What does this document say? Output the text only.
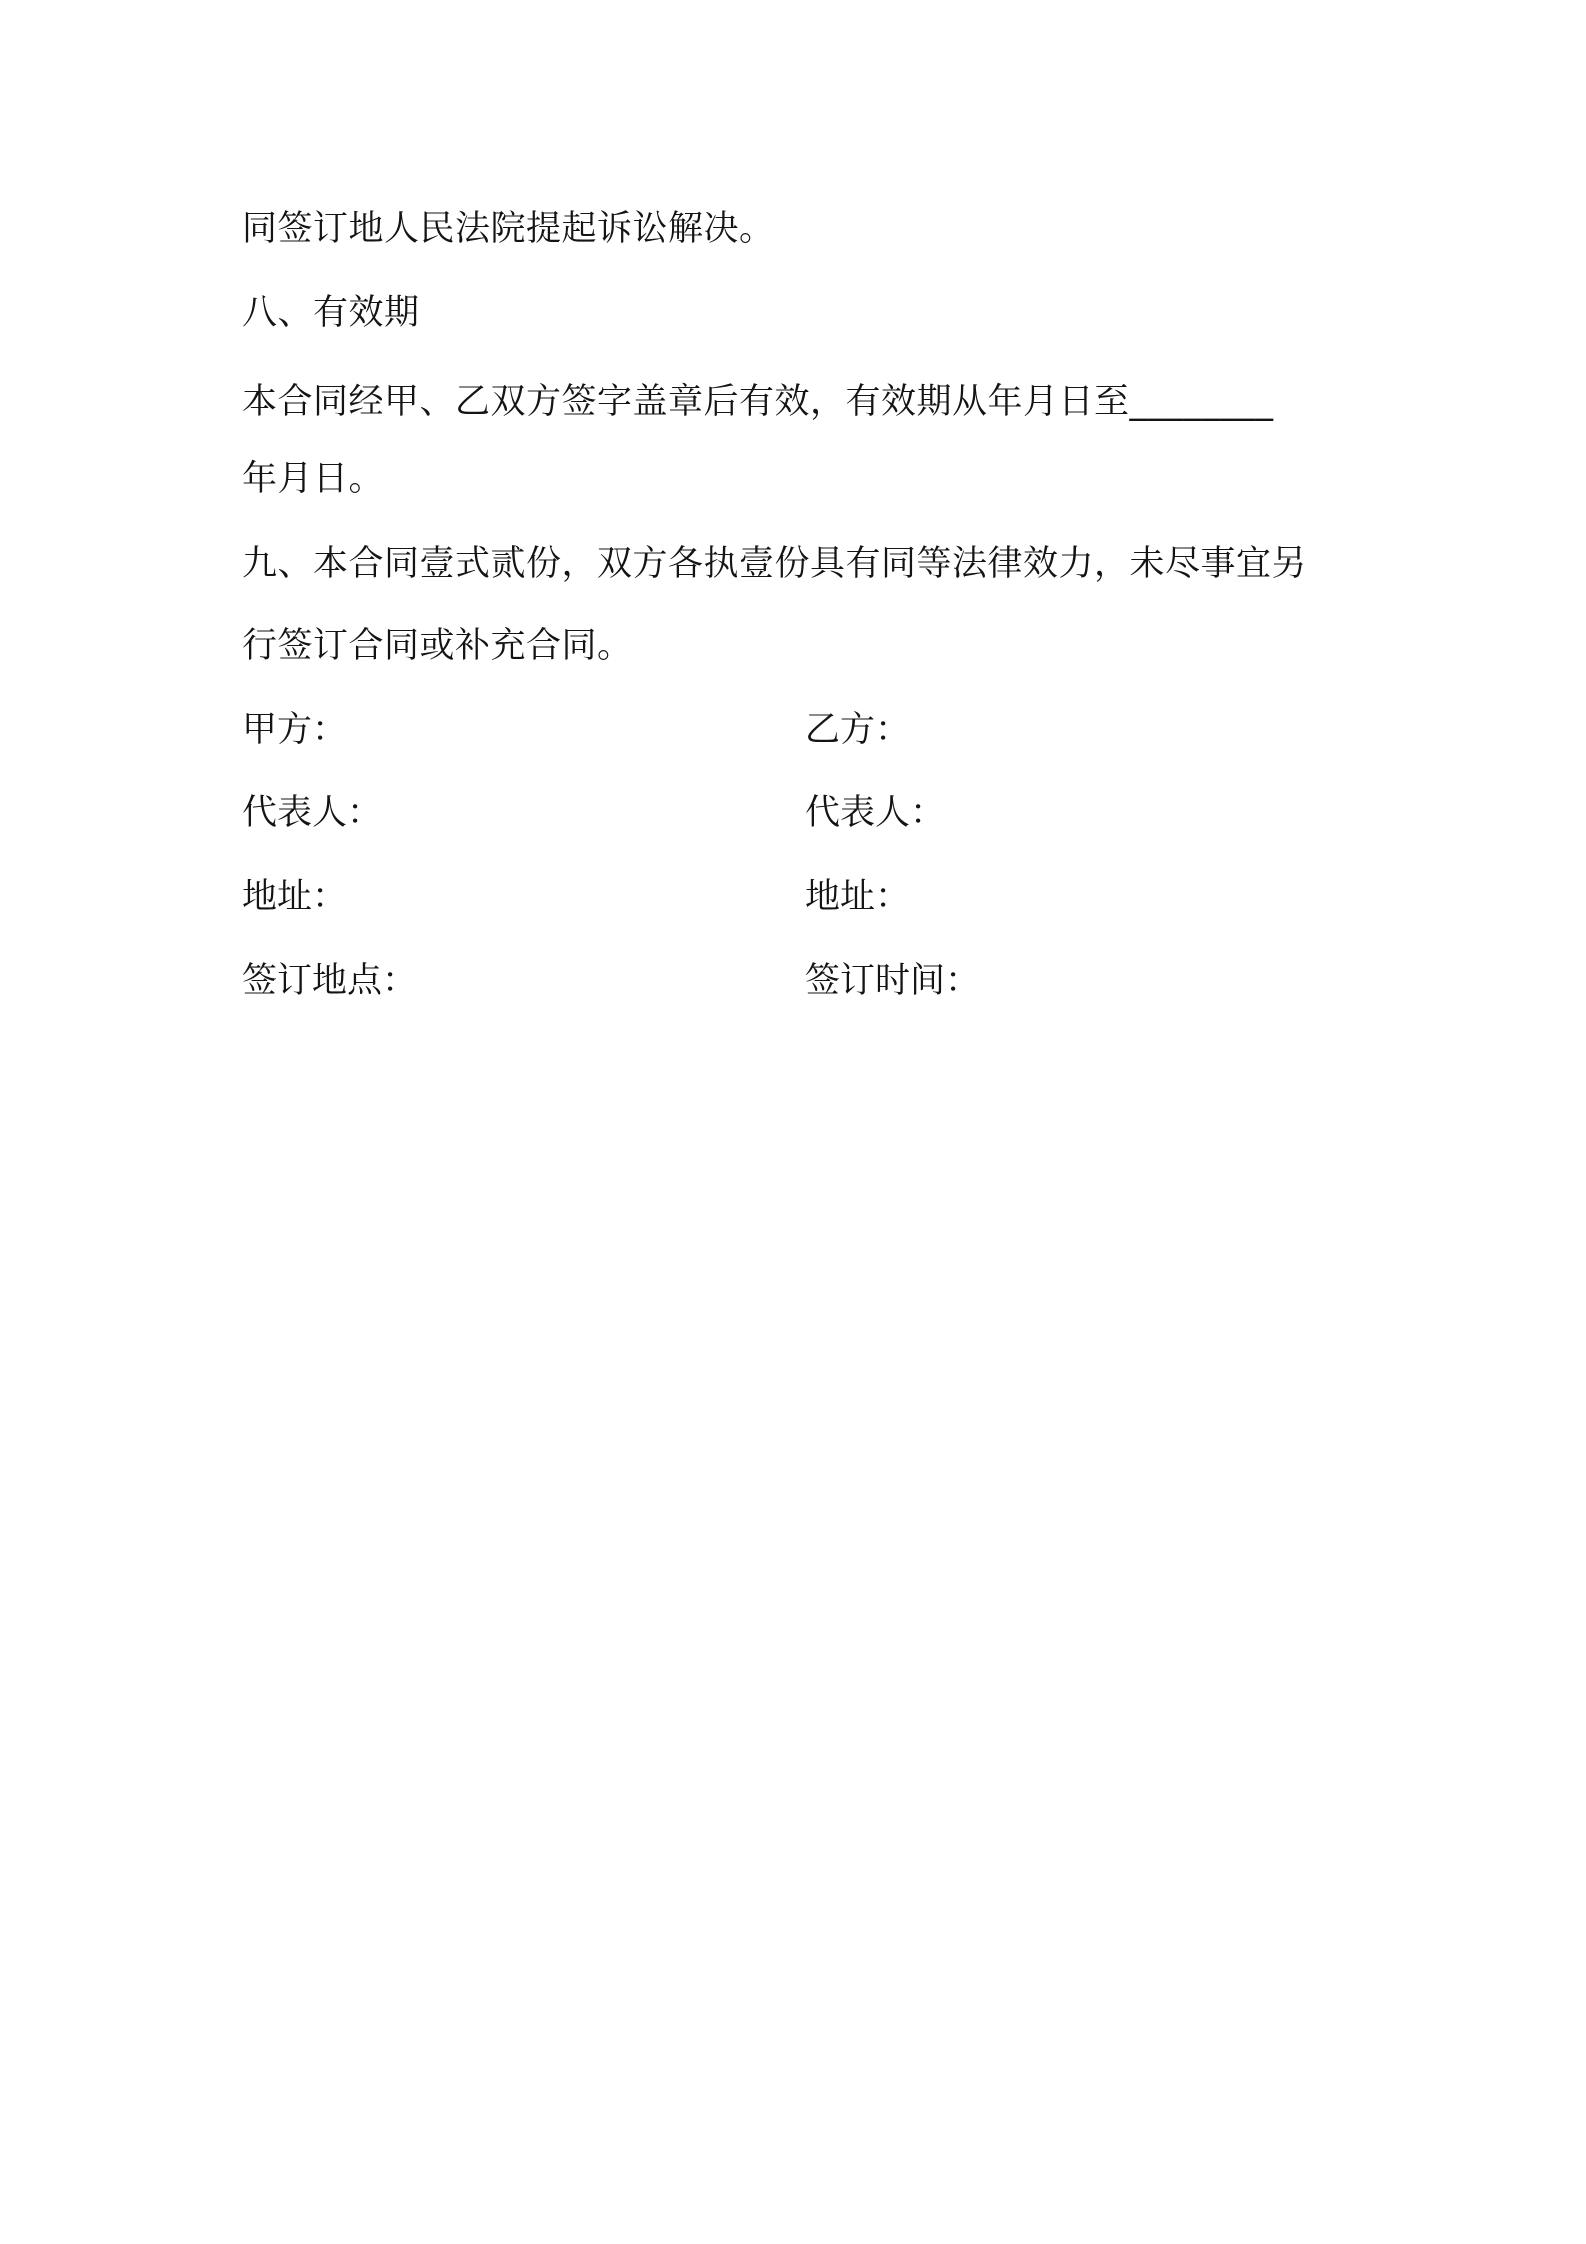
同签订地人民法院提起诉讼解决。

八、有效期

本合同经甲、乙双方签字盖章后有效，有效期从年月日至________

年月日。

九、本合同壹式贰份，双方各执壹份具有同等法律效力，未尽事宜另

行签订合同或补充合同。

甲方：	乙方：

代表人：	代表人：

地址：	地址：

签订地点：	签订时间：
